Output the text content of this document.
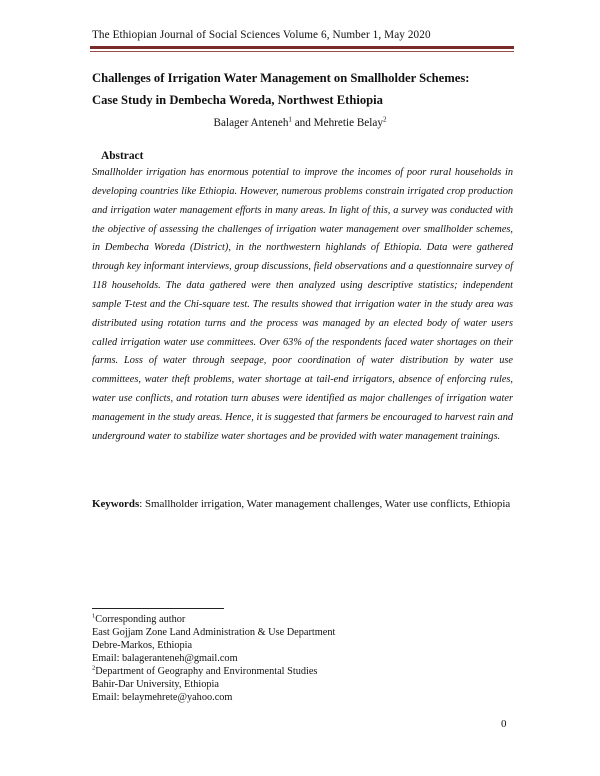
The Ethiopian Journal of Social Sciences Volume 6, Number 1, May 2020
Challenges of Irrigation Water Management on Smallholder Schemes:
Case Study in Dembecha Woreda, Northwest Ethiopia
Balager Anteneh$^1$ and Mehretie Belay$^2$
Abstract
Smallholder irrigation has enormous potential to improve the incomes of poor rural households in developing countries like Ethiopia. However, numerous problems constrain irrigated crop production and irrigation water management efforts in many areas. In light of this, a survey was conducted with the objective of assessing the challenges of irrigation water management over smallholder schemes, in Dembecha Woreda (District), in the northwestern highlands of Ethiopia. Data were gathered through key informant interviews, group discussions, field observations and a questionnaire survey of 118 households. The data gathered were then analyzed using descriptive statistics; independent sample T-test and the Chi-square test. The results showed that irrigation water in the study area was distributed using rotation turns and the process was managed by an elected body of water users called irrigation water use committees. Over 63% of the respondents faced water shortages on their farms. Loss of water through seepage, poor coordination of water distribution by water use committees, water theft problems, water shortage at tail-end irrigators, absence of enforcing rules, water use conflicts, and rotation turn abuses were identified as major challenges of irrigation water management in the study areas. Hence, it is suggested that farmers be encouraged to harvest rain and underground water to stabilize water shortages and be provided with water management trainings.
Keywords: Smallholder irrigation, Water management challenges, Water use conflicts, Ethiopia
$^1$Corresponding author
East Gojjam Zone Land Administration & Use Department
Debre-Markos, Ethiopia
Email: balageranteneh@gmail.com
$^2$Department of Geography and Environmental Studies
Bahir-Dar University, Ethiopia
Email: belaymehrete@yahoo.com
0
